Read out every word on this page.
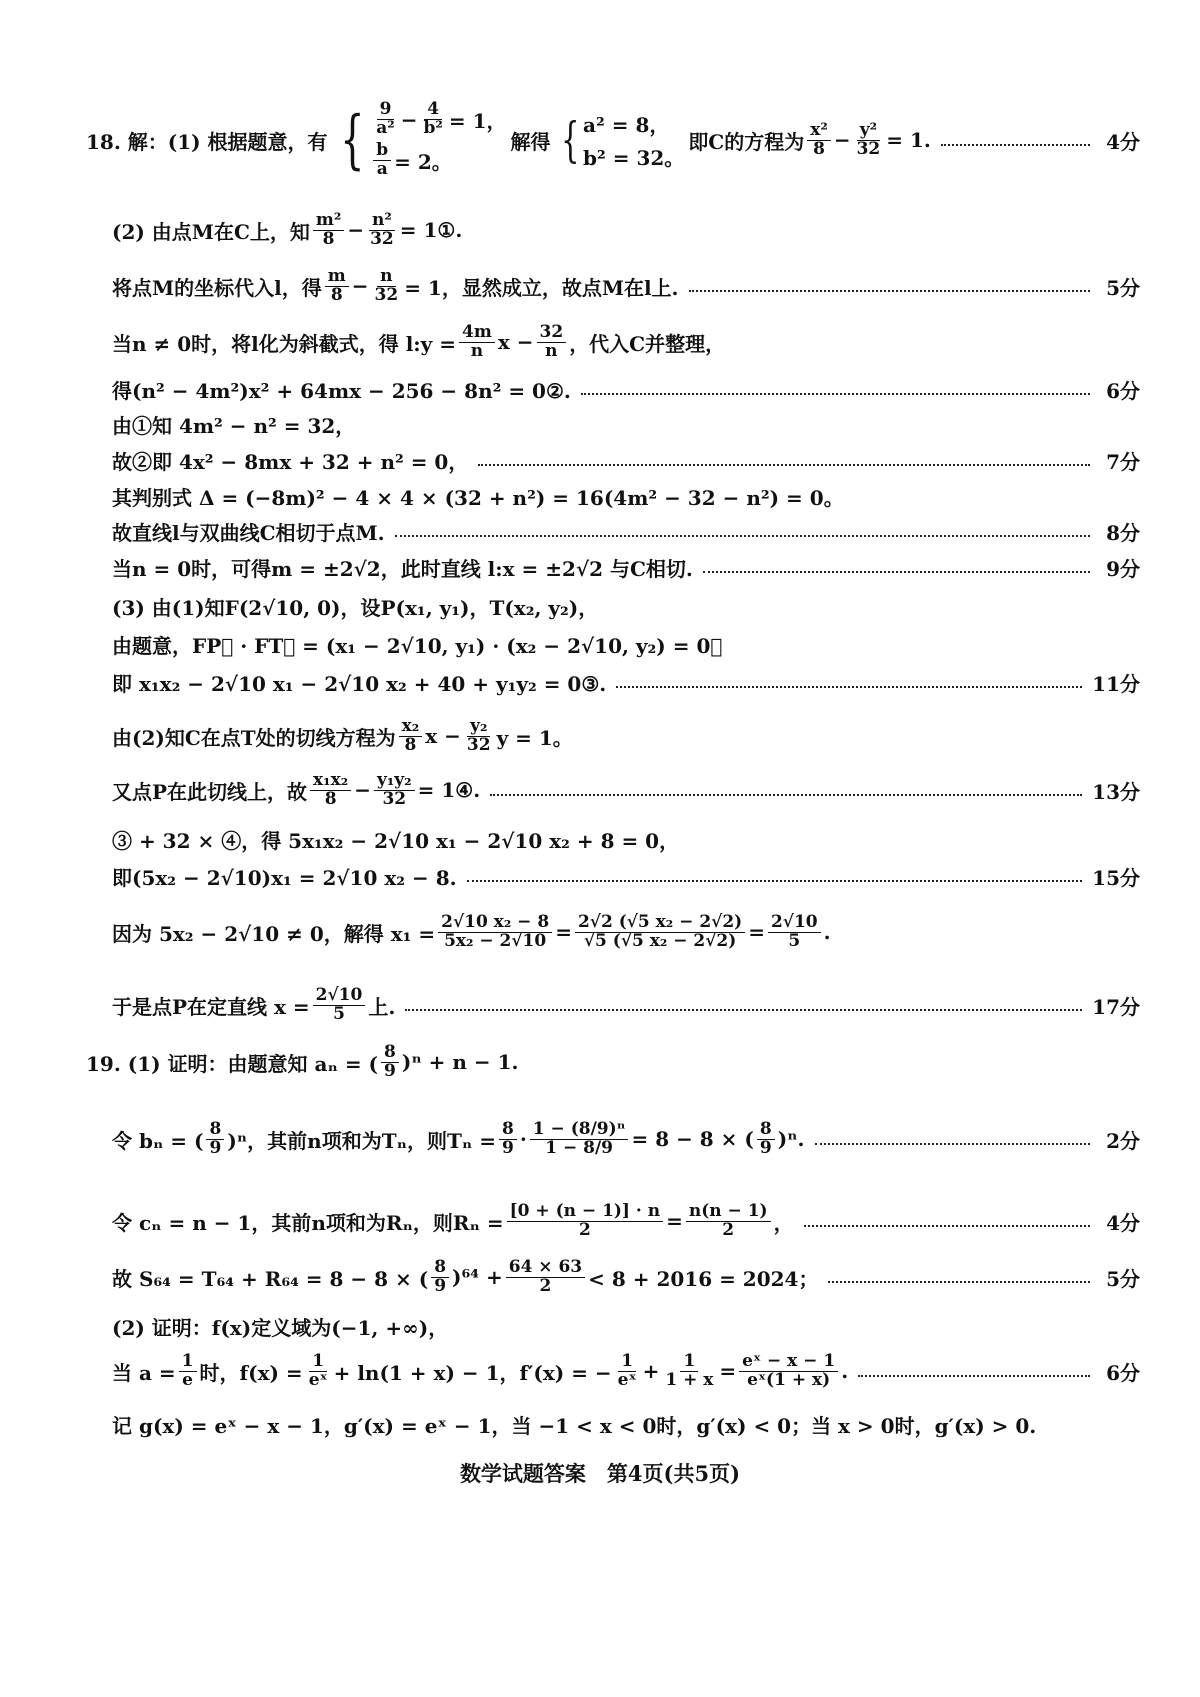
18. 解：(1) 根据题意，有 { $\frac{9}{\text{a²}} - \frac{4}{\text{b²}} = 1$，
$\frac{b}{a} = 2$。
解得 { a² = 8，
b² = 32。
即C的方程为 $\frac{\text{x²}}{8} - \frac{\text{y²}}{32} = 1$.	4分
(2) 由点M在C上，知 $\frac{\text{m²}}{8} - \frac{\text{n²}}{32}$ = 1①.
将点M的坐标代入l，得 $\frac{m}{8} - \frac{n}{32} = 1$，显然成立，故点M在l上.	5分
当n ≠ 0时，将l化为斜截式，得 l:y = $\frac{4m}{n}$ $x - \frac{32}{n}$ ，代入C并整理，
得(n² − 4m²)x² + 64mx − 256 − 8n² = 0②.	6分
由①知 4m² − n² = 32，
故②即 4x² − 8mx + 32 + n² = 0，	7分
其判别式 Δ = (−8m)² − 4 × 4 × (32 + n²) = 16(4m² − 32 − n²) = 0。
故直线l与双曲线C相切于点M.	8分
当n = 0时，可得m = ±2√2，此时直线 l:x = ±2√2 与C相切.	9分
(3) 由(1)知F(2√10, 0)，设P(x₁, y₁)，T(x₂, y₂)，
由题意，FP⃗ · FT⃗ = (x₁ − 2√10, y₁) · (x₂ − 2√10, y₂) = 0，
即 x₁x₂ − 2√10 x₁ − 2√10 x₂ + 40 + y₁y₂ = 0③.	11分
由(2)知C在点T处的切线方程为 $\frac{\text{x₂}}{8}$ $x - \frac{\text{y₂}}{32}$ y = 1。
又点P在此切线上，故 $\frac{\text{x₁x₂}}{8} - \frac{\text{y₁y₂}}{32}$ = 1④.	13分
③ + 32 × ④，得 5x₁x₂ − 2√10 x₁ − 2√10 x₂ + 8 = 0，
即(5x₂ − 2√10)x₁ = 2√10 x₂ − 8.	15分
因为 5x₂ − 2√10 ≠ 0，解得 $x_1 = \frac{\text{2√10 x₂ − 8}}{\text{5x₂ − 2√10}} = \frac{\text{2√2 (√5 x₂ − 2√2)}}{\text{√5 (√5 x₂ − 2√2)}} = \frac{2√10}{5}$ .
于是点P在定直线 $x = \frac{2√10}{5}$ 上.	17分
19. (1) 证明：由题意知 aₙ = ( $\frac{8}{9} )^n + n - 1$.
令 bₙ = ( $\frac{8}{9} )^n$，其前n项和为Tₙ，则$T_n = \frac{8}{9} \cdot \frac{\text{1 − (8/9)ⁿ}}{1 - 8/9} = 8 - 8$ × ( $\frac{8}{9} )^n$.	2分
令 cₙ = n − 1，其前n项和为Rₙ，则$R_n = \frac{[0 + (n - 1)] \cdot n}{2} = \frac{n(n - 1)}{2}$ ，	4分
故 S₆₄ = T₆₄ + R₆₄ = 8 − 8 × ( $\frac{8}{9} )^{64} + \frac{64 \times 63}{2} < 8 + 2016 = 2024$；	5分
(2) 证明：f(x)定义域为(−1, +∞)，
当 $a = \frac{1}{e}$ 时，$f(x) = \frac{1}{\text{eˣ}} + \ln(1 + x) - 1$，f′(x) = − $\frac{1}{\text{eˣ}} + \frac{1}{1 + x} = \frac{\text{eˣ − x − 1}}{\text{eˣ(1 + x)}}$ .	6分
记 g(x) = eˣ − x − 1，g′(x) = eˣ − 1，当 −1 < x < 0时，g′(x) < 0；当 x > 0时，g′(x) > 0.
数学试题答案　第4页(共5页)
